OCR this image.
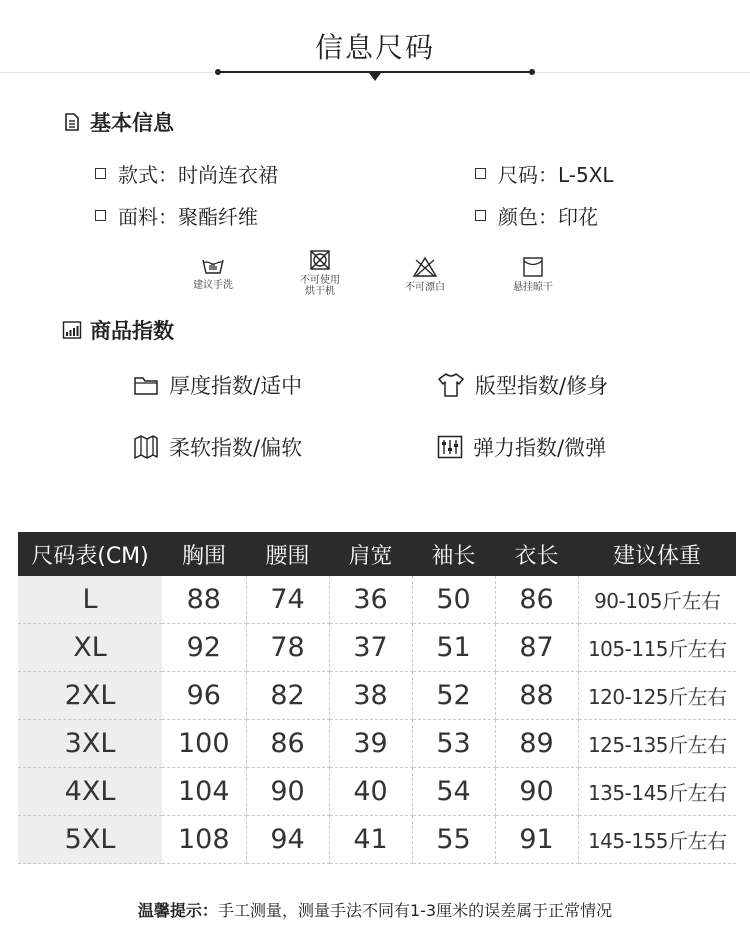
信息尺码
基本信息
款式：时尚连衣裙	尺码：L-5XL
面料：聚酯纤维	颜色：印花
建议手洗	不可使用
烘干机	不可漂白	悬挂晾干
商品指数
厚度指数/适中	版型指数/修身
柔软指数/偏软	弹力指数/微弹
尺码表(CM)	胸围	腰围	肩宽	袖长	衣长	建议体重
L	88	74	36	50	86	90-105斤左右
XL	92	78	37	51	87	105-115斤左右
2XL	96	82	38	52	88	120-125斤左右
3XL	100	86	39	53	89	125-135斤左右
4XL	104	90	40	54	90	135-145斤左右
5XL	108	94	41	55	91	145-155斤左右
温馨提示：手工测量，测量手法不同有1-3厘米的误差属于正常情况
